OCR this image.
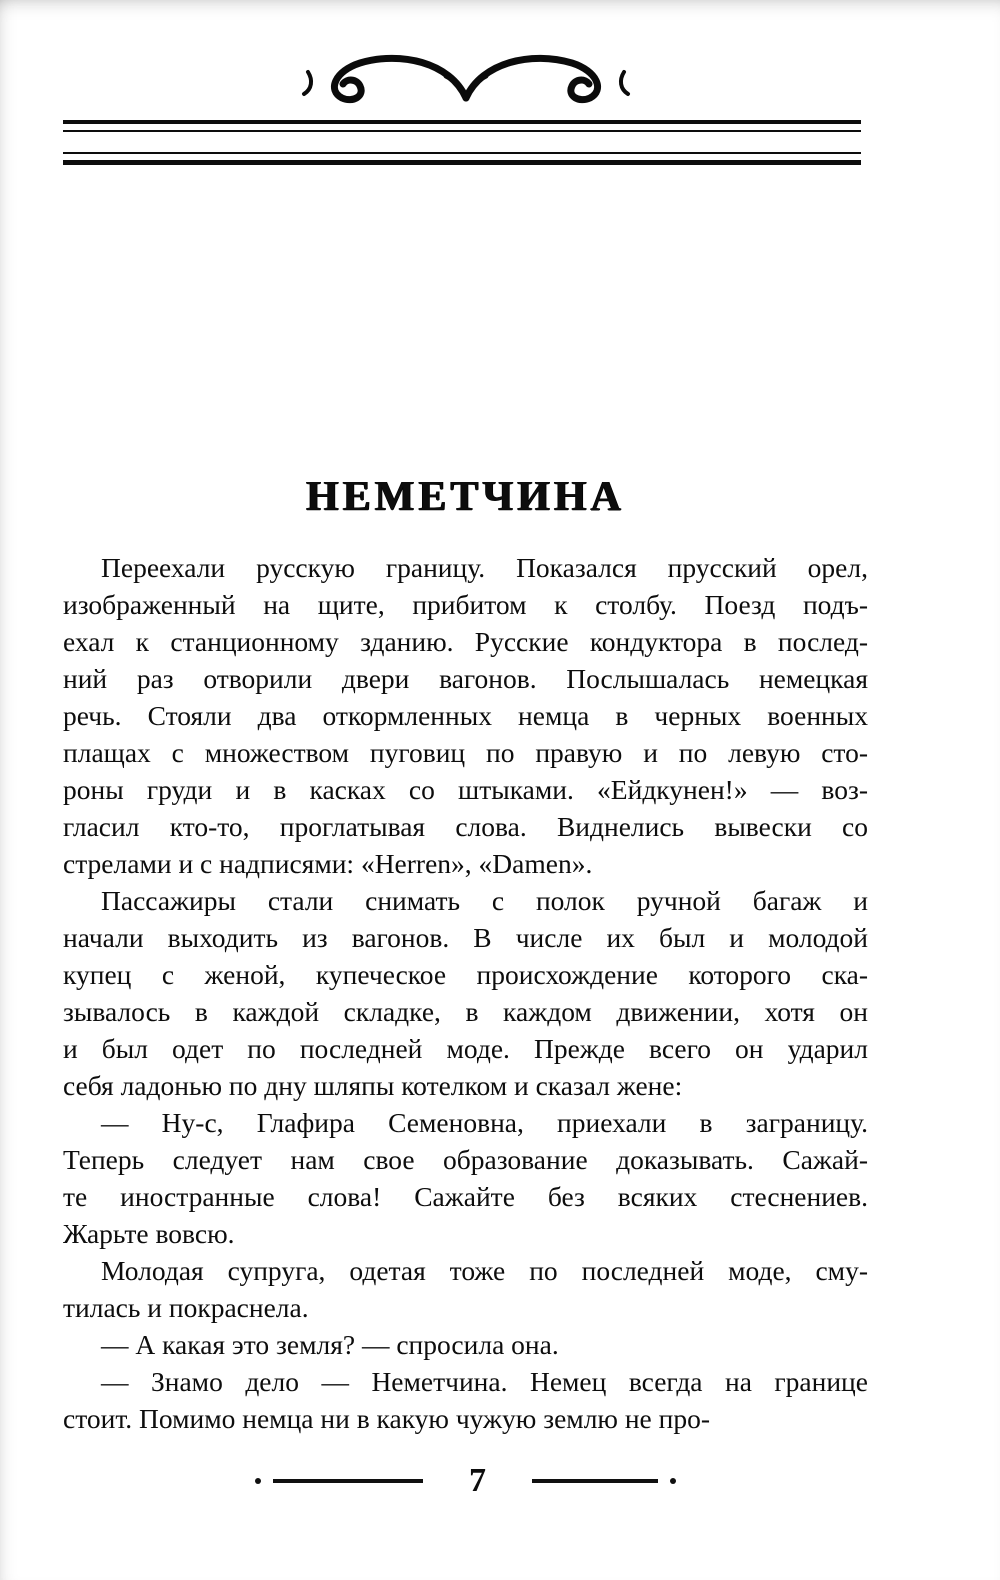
НЕМЕТЧИНА
Переехали русскую границу. Показался прусский орел,
изображенный на щите, прибитом к столбу. Поезд подъ-
ехал к станционному зданию. Русские кондуктора в послед-
ний раз отворили двери вагонов. Послышалась немецкая
речь. Стояли два откормленных немца в черных военных
плащах с множеством пуговиц по правую и по левую сто-
роны груди и в касках со штыками. «Ейдкунен!» — воз-
гласил кто-то, проглатывая слова. Виднелись вывески со
стрелами и с надписями: «Herren», «Damen».
Пассажиры стали снимать с полок ручной багаж и
начали выходить из вагонов. В числе их был и молодой
купец с женой, купеческое происхождение которого ска-
зывалось в каждой складке, в каждом движении, хотя он
и был одет по последней моде. Прежде всего он ударил
себя ладонью по дну шляпы котелком и сказал жене:
— Ну-с, Глафира Семеновна, приехали в заграницу.
Теперь следует нам свое образование доказывать. Сажай-
те иностранные слова! Сажайте без всяких стеснениев.
Жарьте вовсю.
Молодая супруга, одетая тоже по последней моде, сму-
тилась и покраснела.
— А какая это земля? — спросила она.
— Знамо дело — Неметчина. Немец всегда на границе
стоит. Помимо немца ни в какую чужую землю не про-
7
